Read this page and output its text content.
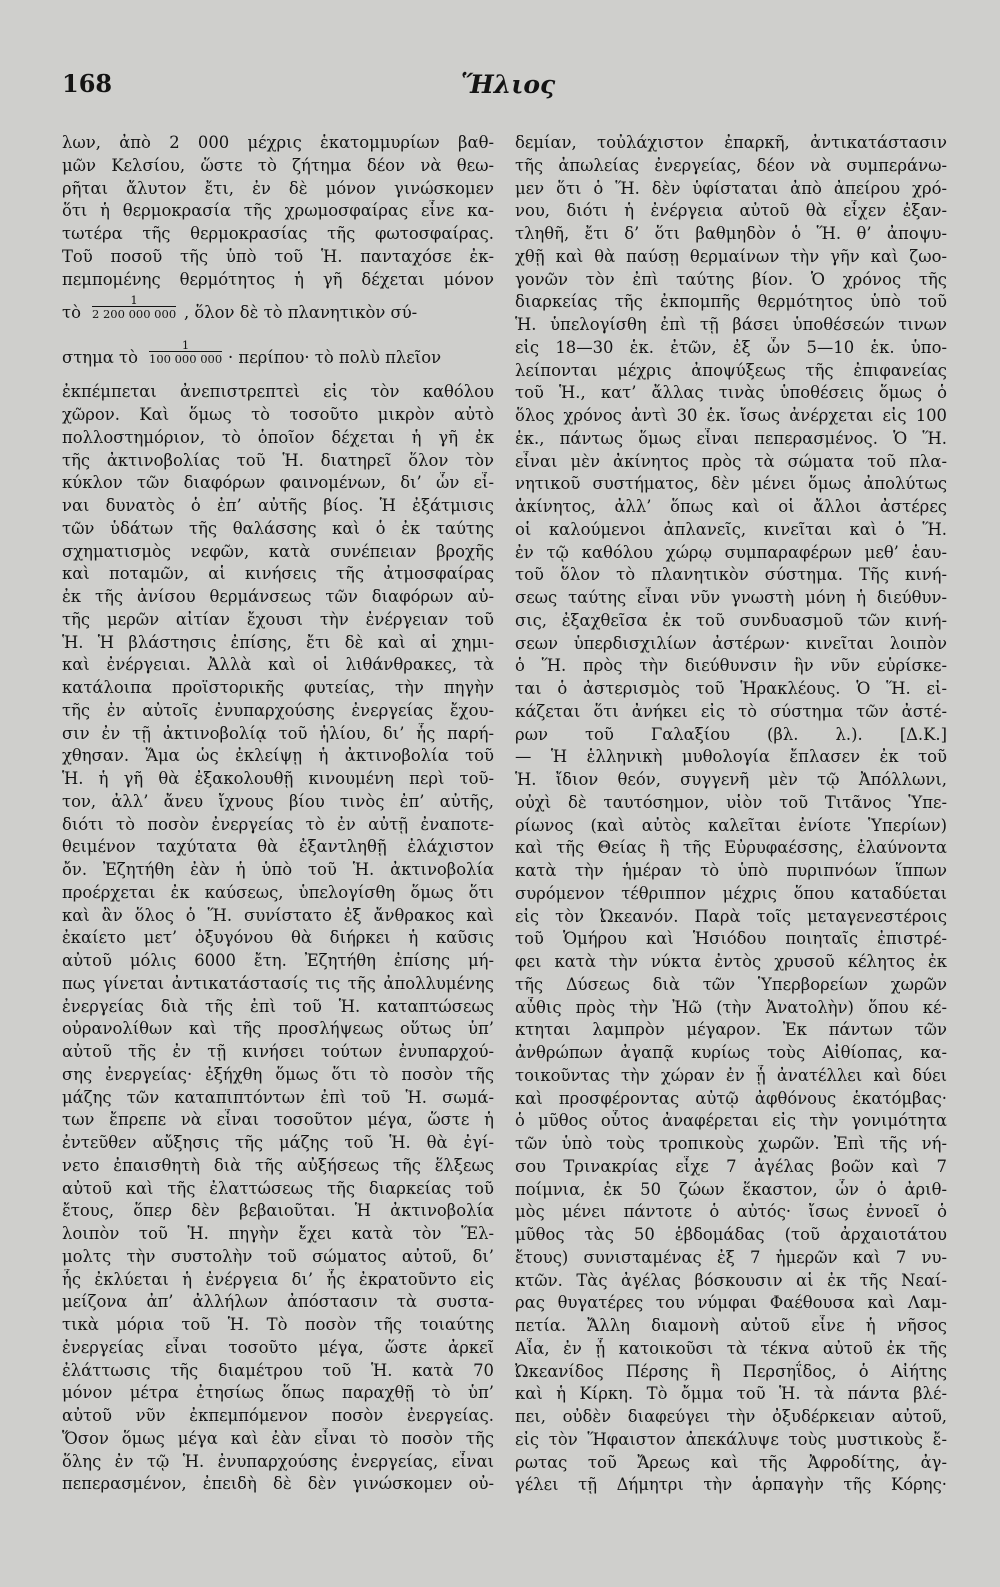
168	Ἥλιος
λων, ἀπὸ 2 000 μέχρις ἑκατομμυρίων βαθ-
μῶν Κελσίου, ὥστε τὸ ζήτημα δέον νὰ θεω-
ρῆται ἄλυτον ἔτι, ἐν δὲ μόνον γινώσκομεν
ὅτι ἡ θερμοκρασία τῆς χρωμοσφαίρας εἶνε κα-
τωτέρα τῆς θερμοκρασίας τῆς φωτοσφαίρας.
Τοῦ ποσοῦ τῆς ὑπὸ τοῦ Ἡ. πανταχόσε ἐκ-
πεμπομένης θερμότητος ἡ γῆ δέχεται μόνον
τὸ $\frac{1}{2 200 000 000}$ , ὅλον δὲ τὸ πλανητικὸν σύ-
στημα τὸ $\frac{1}{100 000 000} \cdot \pi\varepsilon\rho ί\pi o\upsilon\cdot$ τὸ πολὺ πλεῖον
ἐκπέμπεται ἀνεπιστρεπτεὶ εἰς τὸν καθόλου
χῶρον. Καὶ ὅμως τὸ τοσοῦτο μικρὸν αὐτὸ
πολλοστημόριον, τὸ ὁποῖον δέχεται ἡ γῆ ἐκ
τῆς ἀκτινοβολίας τοῦ Ἡ. διατηρεῖ ὅλον τὸν
κύκλον τῶν διαφόρων φαινομένων, δι’ ὧν εἶ-
ναι δυνατὸς ὁ ἐπ’ αὐτῆς βίος. Ἡ ἐξάτμισις
τῶν ὑδάτων τῆς θαλάσσης καὶ ὁ ἐκ ταύτης
σχηματισμὸς νεφῶν, κατὰ συνέπειαν βροχῆς
καὶ ποταμῶν, αἱ κινήσεις τῆς ἀτμοσφαίρας
ἐκ τῆς ἀνίσου θερμάνσεως τῶν διαφόρων αὐ-
τῆς μερῶν αἰτίαν ἔχουσι τὴν ἐνέργειαν τοῦ
Ἡ. Ἡ βλάστησις ἐπίσης, ἔτι δὲ καὶ αἱ χημι-
καὶ ἐνέργειαι. Ἀλλὰ καὶ οἱ λιθάνθρακες, τὰ
κατάλοιπα προϊστορικῆς φυτείας, τὴν πηγὴν
τῆς ἐν αὐτοῖς ἐνυπαρχούσης ἐνεργείας ἔχου-
σιν ἐν τῇ ἀκτινοβολίᾳ τοῦ ἡλίου, δι’ ἧς παρή-
χθησαν. Ἅμα ὡς ἐκλείψῃ ἡ ἀκτινοβολία τοῦ
Ἡ. ἡ γῆ θὰ ἐξακολουθῇ κινουμένη περὶ τοῦ-
τον, ἀλλ’ ἄνευ ἴχνους βίου τινὸς ἐπ’ αὐτῆς,
διότι τὸ ποσὸν ἐνεργείας τὸ ἐν αὐτῇ ἐναποτε-
θειμένον ταχύτατα θὰ ἐξαντληθῇ ἐλάχιστον
ὄν. Ἐζητήθη ἐὰν ἡ ὑπὸ τοῦ Ἡ. ἀκτινοβολία
προέρχεται ἐκ καύσεως, ὑπελογίσθη ὅμως ὅτι
καὶ ἂν ὅλος ὁ Ἥ. συνίστατο ἐξ ἄνθρακος καὶ
ἐκαίετο μετ’ ὀξυγόνου θὰ διήρκει ἡ καῦσις
αὐτοῦ μόλις 6000 ἔτη. Ἐζητήθη ἐπίσης μή-
πως γίνεται ἀντικατάστασίς τις τῆς ἀπολλυμένης
ἐνεργείας διὰ τῆς ἐπὶ τοῦ Ἡ. καταπτώσεως
οὐρανολίθων καὶ τῆς προσλήψεως οὕτως ὑπ’
αὐτοῦ τῆς ἐν τῇ κινήσει τούτων ἐνυπαρχού-
σης ἐνεργείας· ἐξήχθη ὅμως ὅτι τὸ ποσὸν τῆς
μάζης τῶν καταπιπτόντων ἐπὶ τοῦ Ἡ. σωμά-
των ἔπρεπε νὰ εἶναι τοσοῦτον μέγα, ὥστε ἡ
ἐντεῦθεν αὔξησις τῆς μάζης τοῦ Ἡ. θὰ ἐγί-
νετο ἐπαισθητὴ διὰ τῆς αὐξήσεως τῆς ἕλξεως
αὐτοῦ καὶ τῆς ἐλαττώσεως τῆς διαρκείας τοῦ
ἔτους, ὅπερ δὲν βεβαιοῦται. Ἡ ἀκτινοβολία
λοιπὸν τοῦ Ἡ. πηγὴν ἔχει κατὰ τὸν Ἕλ-
μολτς τὴν συστολὴν τοῦ σώματος αὐτοῦ, δι’
ἧς ἐκλύεται ἡ ἐνέργεια δι’ ἧς ἐκρατοῦντο εἰς
μείζονα ἀπ’ ἀλλήλων ἀπόστασιν τὰ συστα-
τικὰ μόρια τοῦ Ἡ. Τὸ ποσὸν τῆς τοιαύτης
ἐνεργείας εἶναι τοσοῦτο μέγα, ὥστε ἀρκεῖ
ἐλάττωσις τῆς διαμέτρου τοῦ Ἡ. κατὰ 70
μόνον μέτρα ἐτησίως ὅπως παραχθῇ τὸ ὑπ’
αὐτοῦ νῦν ἐκπεμπόμενον ποσὸν ἐνεργείας.
Ὅσον ὅμως μέγα καὶ ἐὰν εἶναι τὸ ποσὸν τῆς
ὅλης ἐν τῷ Ἡ. ἐνυπαρχούσης ἐνεργείας, εἶναι
πεπερασμένον, ἐπειδὴ δὲ δὲν γινώσκομεν οὐ-
δεμίαν, τοὐλάχιστον ἐπαρκῆ, ἀντικατάστασιν
τῆς ἀπωλείας ἐνεργείας, δέον νὰ συμπεράνω-
μεν ὅτι ὁ Ἥ. δὲν ὑφίσταται ἀπὸ ἀπείρου χρό-
νου, διότι ἡ ἐνέργεια αὐτοῦ θὰ εἶχεν ἐξαν-
τληθῆ, ἔτι δ’ ὅτι βαθμηδὸν ὁ Ἥ. θ’ ἀποψυ-
χθῇ καὶ θὰ παύσῃ θερμαίνων τὴν γῆν καὶ ζωο-
γονῶν τὸν ἐπὶ ταύτης βίον. Ὁ χρόνος τῆς
διαρκείας τῆς ἐκπομπῆς θερμότητος ὑπὸ τοῦ
Ἡ. ὑπελογίσθη ἐπὶ τῇ βάσει ὑποθέσεών τινων
εἰς 18—30 ἑκ. ἐτῶν, ἐξ ὧν 5—10 ἑκ. ὑπο-
λείπονται μέχρις ἀποψύξεως τῆς ἐπιφανείας
τοῦ Ἡ., κατ’ ἄλλας τινὰς ὑποθέσεις ὅμως ὁ
ὅλος χρόνος ἀντὶ 30 ἑκ. ἴσως ἀνέρχεται εἰς 100
ἑκ., πάντως ὅμως εἶναι πεπερασμένος. Ὁ Ἥ.
εἶναι μὲν ἀκίνητος πρὸς τὰ σώματα τοῦ πλα-
νητικοῦ συστήματος, δὲν μένει ὅμως ἀπολύτως
ἀκίνητος, ἀλλ’ ὅπως καὶ οἱ ἄλλοι ἀστέρες
οἱ καλούμενοι ἀπλανεῖς, κινεῖται καὶ ὁ Ἥ.
ἐν τῷ καθόλου χώρῳ συμπαραφέρων μεθ’ ἑαυ-
τοῦ ὅλον τὸ πλανητικὸν σύστημα. Τῆς κινή-
σεως ταύτης εἶναι νῦν γνωστὴ μόνη ἡ διεύθυν-
σις, ἐξαχθεῖσα ἐκ τοῦ συνδυασμοῦ τῶν κινή-
σεων ὑπερδισχιλίων ἀστέρων· κινεῖται λοιπὸν
ὁ Ἥ. πρὸς τὴν διεύθυνσιν ἣν νῦν εὑρίσκε-
ται ὁ ἀστερισμὸς τοῦ Ἡρακλέους. Ὁ Ἥ. εἰ-
κάζεται ὅτι ἀνήκει εἰς τὸ σύστημα τῶν ἀστέ-
ρων τοῦ Γαλαξίου (βλ. λ.). [Δ.Κ.]
— Ἡ ἑλληνικὴ μυθολογία ἔπλασεν ἐκ τοῦ
Ἡ. ἴδιον θεόν, συγγενῆ μὲν τῷ Ἀπόλλωνι,
οὐχὶ δὲ ταυτόσημον, υἱὸν τοῦ Τιτᾶνος Ὑπε-
ρίωνος (καὶ αὐτὸς καλεῖται ἐνίοτε Ὑπερίων)
καὶ τῆς Θείας ἢ τῆς Εὐρυφαέσσης, ἐλαύνοντα
κατὰ τὴν ἡμέραν τὸ ὑπὸ πυριπνόων ἵππων
συρόμενον τέθριππον μέχρις ὅπου καταδύεται
εἰς τὸν Ὠκεανόν. Παρὰ τοῖς μεταγενεστέροις
τοῦ Ὁμήρου καὶ Ἡσιόδου ποιηταῖς ἐπιστρέ-
φει κατὰ τὴν νύκτα ἐντὸς χρυσοῦ κέλητος ἐκ
τῆς Δύσεως διὰ τῶν Ὑπερβορείων χωρῶν
αὖθις πρὸς τὴν Ἠῶ (τὴν Ἀνατολὴν) ὅπου κέ-
κτηται λαμπρὸν μέγαρον. Ἐκ πάντων τῶν
ἀνθρώπων ἀγαπᾷ κυρίως τοὺς Αἰθίοπας, κα-
τοικοῦντας τὴν χώραν ἐν ᾗ ἀνατέλλει καὶ δύει
καὶ προσφέροντας αὐτῷ ἀφθόνους ἑκατόμβας·
ὁ μῦθος οὗτος ἀναφέρεται εἰς τὴν γονιμότητα
τῶν ὑπὸ τοὺς τροπικοὺς χωρῶν. Ἐπὶ τῆς νή-
σου Τρινακρίας εἶχε 7 ἀγέλας βοῶν καὶ 7
ποίμνια, ἐκ 50 ζώων ἕκαστον, ὧν ὁ ἀριθ-
μὸς μένει πάντοτε ὁ αὐτός· ἴσως ἐννοεῖ ὁ
μῦθος τὰς 50 ἑβδομάδας (τοῦ ἀρχαιοτάτου
ἔτους) συνισταμένας ἐξ 7 ἡμερῶν καὶ 7 νυ-
κτῶν. Τὰς ἀγέλας βόσκουσιν αἱ ἐκ τῆς Νεαί-
ρας θυγατέρες του νύμφαι Φαέθουσα καὶ Λαμ-
πετία. Ἄλλη διαμονὴ αὐτοῦ εἶνε ἡ νῆσος
Αἶα, ἐν ᾗ κατοικοῦσι τὰ τέκνα αὐτοῦ ἐκ τῆς
Ὠκεανίδος Πέρσης ἢ Περσηΐδος, ὁ Αἰήτης
καὶ ἡ Κίρκη. Τὸ ὄμμα τοῦ Ἡ. τὰ πάντα βλέ-
πει, οὐδὲν διαφεύγει τὴν ὀξυδέρκειαν αὐτοῦ,
εἰς τὸν Ἥφαιστον ἀπεκάλυψε τοὺς μυστικοὺς ἔ-
ρωτας τοῦ Ἄρεως καὶ τῆς Ἀφροδίτης, ἀγ-
γέλει τῇ Δήμητρι τὴν ἁρπαγὴν τῆς Κόρης·
